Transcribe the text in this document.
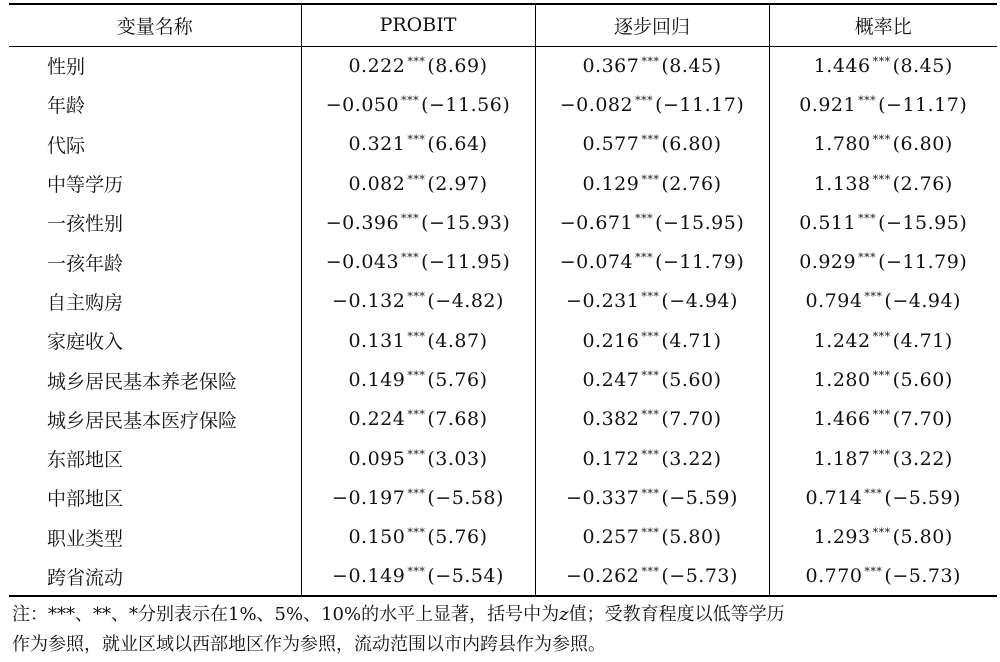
变量名称	PROBIT	逐步回归	概率比
性别	0.222 *** (8.69)	0.367 *** (8.45)	1.446 *** (8.45)
年龄	−0.050 *** (−11.56)	−0.082 *** (−11.17)	0.921 *** (−11.17)
代际	0.321 *** (6.64)	0.577 *** (6.80)	1.780 *** (6.80)
中等学历	0.082 *** (2.97)	0.129 *** (2.76)	1.138 *** (2.76)
一孩性别	−0.396 *** (−15.93)	−0.671 *** (−15.95)	0.511 *** (−15.95)
一孩年龄	−0.043 *** (−11.95)	−0.074 *** (−11.79)	0.929 *** (−11.79)
自主购房	−0.132 *** (−4.82)	−0.231 *** (−4.94)	0.794 *** (−4.94)
家庭收入	0.131 *** (4.87)	0.216 *** (4.71)	1.242 *** (4.71)
城乡居民基本养老保险	0.149 *** (5.76)	0.247 *** (5.60)	1.280 *** (5.60)
城乡居民基本医疗保险	0.224 *** (7.68)	0.382 *** (7.70)	1.466 *** (7.70)
东部地区	0.095 *** (3.03)	0.172 *** (3.22)	1.187 *** (3.22)
中部地区	−0.197 *** (−5.58)	−0.337 *** (−5.59)	0.714 *** (−5.59)
职业类型	0.150 *** (5.76)	0.257 *** (5.80)	1.293 *** (5.80)
跨省流动	−0.149 *** (−5.54)	−0.262 *** (−5.73)	0.770 *** (−5.73)
注：***、**、*分别表示在1%、5%、10%的水平上显著，括号中为z值；受教育程度以低等学历
作为参照，就业区域以西部地区作为参照，流动范围以市内跨县作为参照。
